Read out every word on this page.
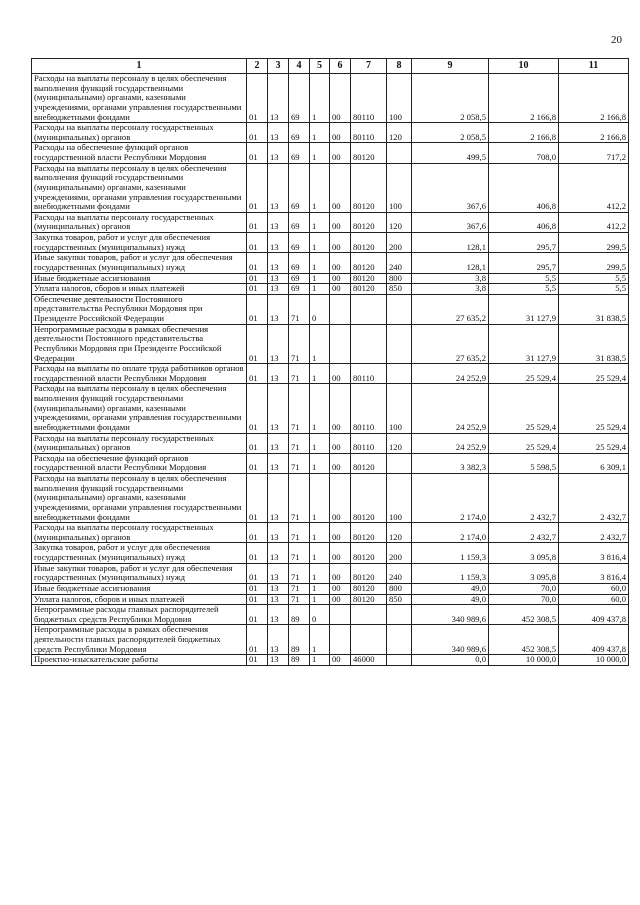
20
1	2	3	4	5	6	7	8	9	10	11
Расходы на выплаты персоналу в целях обеспечения выполнения функций государственными (муниципальными) органами, казенными учреждениями, органами управления государственными внебюджетными фондами	01	13	69	1	00	80110	100	2 058,5	2 166,8	2 166,8
Расходы на выплаты персоналу государственных (муниципальных) органов	01	13	69	1	00	80110	120	2 058,5	2 166,8	2 166,8
Расходы на обеспечение функций органов государственной власти Республики Мордовия	01	13	69	1	00	80120		499,5	708,0	717,2
Расходы на выплаты персоналу в целях обеспечения выполнения функций государственными (муниципальными) органами, казенными учреждениями, органами управления государственными внебюджетными фондами	01	13	69	1	00	80120	100	367,6	406,8	412,2
Расходы на выплаты персоналу государственных (муниципальных) органов	01	13	69	1	00	80120	120	367,6	406,8	412,2
Закупка товаров, работ и услуг для обеспечения государственных (муниципальных) нужд	01	13	69	1	00	80120	200	128,1	295,7	299,5
Иные закупки товаров, работ и услуг для обеспечения государственных (муниципальных) нужд	01	13	69	1	00	80120	240	128,1	295,7	299,5
Иные бюджетные ассигнования	01	13	69	1	00	80120	800	3,8	5,5	5,5
Уплата налогов, сборов и иных платежей	01	13	69	1	00	80120	850	3,8	5,5	5,5
Обеспечение деятельности Постоянного представительства Республики Мордовия при Президенте Российской Федерации	01	13	71	0				27 635,2	31 127,9	31 838,5
Непрограммные расходы в рамках обеспечения деятельности Постоянного представительства Республики Мордовия при Президенте Российской Федерации	01	13	71	1				27 635,2	31 127,9	31 838,5
Расходы на выплаты по оплате труда работников органов государственной власти Республики Мордовия	01	13	71	1	00	80110		24 252,9	25 529,4	25 529,4
Расходы на выплаты персоналу в целях обеспечения выполнения функций государственными (муниципальными) органами, казенными учреждениями, органами управления государственными внебюджетными фондами	01	13	71	1	00	80110	100	24 252,9	25 529,4	25 529,4
Расходы на выплаты персоналу государственных (муниципальных) органов	01	13	71	1	00	80110	120	24 252,9	25 529,4	25 529,4
Расходы на обеспечение функций органов государственной власти Республики Мордовия	01	13	71	1	00	80120		3 382,3	5 598,5	6 309,1
Расходы на выплаты персоналу в целях обеспечения выполнения функций государственными (муниципальными) органами, казенными учреждениями, органами управления государственными внебюджетными фондами	01	13	71	1	00	80120	100	2 174,0	2 432,7	2 432,7
Расходы на выплаты персоналу государственных (муниципальных) органов	01	13	71	1	00	80120	120	2 174,0	2 432,7	2 432,7
Закупка товаров, работ и услуг для обеспечения государственных (муниципальных) нужд	01	13	71	1	00	80120	200	1 159,3	3 095,8	3 816,4
Иные закупки товаров, работ и услуг для обеспечения государственных (муниципальных) нужд	01	13	71	1	00	80120	240	1 159,3	3 095,8	3 816,4
Иные бюджетные ассигнования	01	13	71	1	00	80120	800	49,0	70,0	60,0
Уплата налогов, сборов и иных платежей	01	13	71	1	00	80120	850	49,0	70,0	60,0
Непрограммные расходы главных распорядителей бюджетных средств Республики Мордовия	01	13	89	0				340 989,6	452 308,5	409 437,8
Непрограммные расходы в рамках обеспечения деятельности главных распорядителей бюджетных средств Республики Мордовия	01	13	89	1				340 989,6	452 308,5	409 437,8
Проектно-изыскательские работы	01	13	89	1	00	46000		0,0	10 000,0	10 000,0
